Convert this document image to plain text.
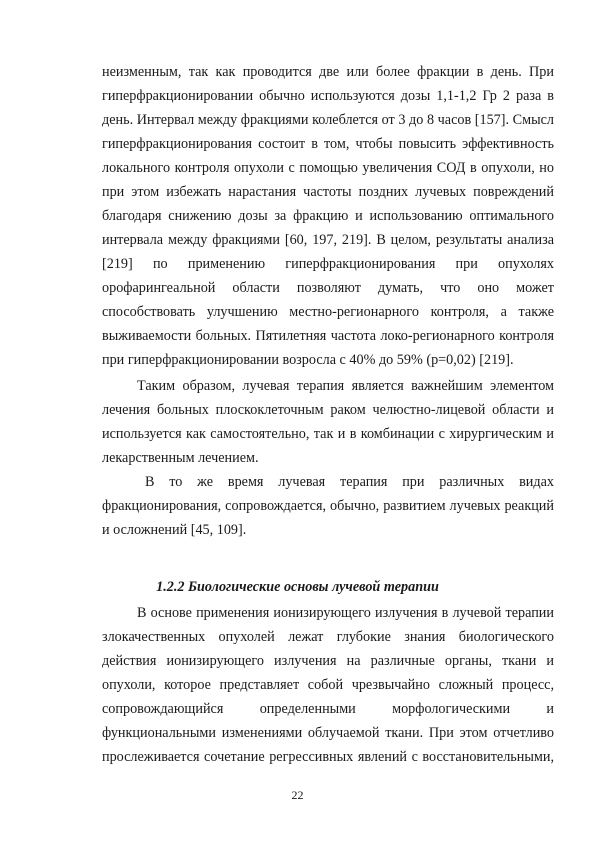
неизменным, так как проводится две или более фракции в день. При
гиперфракционировании обычно используются дозы 1,1-1,2 Гр 2 раза в
день. Интервал между фракциями колеблется от 3 до 8 часов [157]. Смысл
гиперфракционирования состоит в том, чтобы повысить эффективность
локального контроля опухоли с помощью увеличения СОД в опухоли, но
при этом избежать нарастания частоты поздних лучевых повреждений
благодаря снижению дозы за фракцию и использованию оптимального
интервала между фракциями [60, 197, 219]. В целом, результаты анализа
[219] по применению гиперфракционирования при опухолях
орофарингеальной области позволяют думать, что оно может
способствовать улучшению местно-регионарного контроля, а также
выживаемости больных. Пятилетняя частота локо-регионарного контроля
при гиперфракционировании возросла с 40% до 59% (p=0,02) [219].
Таким образом, лучевая терапия является важнейшим элементом
лечения больных плоскоклеточным раком челюстно-лицевой области и
используется как самостоятельно, так и в комбинации с хирургическим и
лекарственным лечением.
В то же время лучевая терапия при различных видах
фракционирования, сопровождается, обычно, развитием лучевых реакций
и осложнений [45, 109].
1.2.2 Биологические основы лучевой терапии
В основе применения ионизирующего излучения в лучевой терапии
злокачественных опухолей лежат глубокие знания биологического
действия ионизирующего излучения на различные органы, ткани и
опухоли, которое представляет собой чрезвычайно сложный процесс,
сопровождающийся определенными морфологическими и
функциональными изменениями облучаемой ткани. При этом отчетливо
прослеживается сочетание регрессивных явлений с восстановительными,
22
